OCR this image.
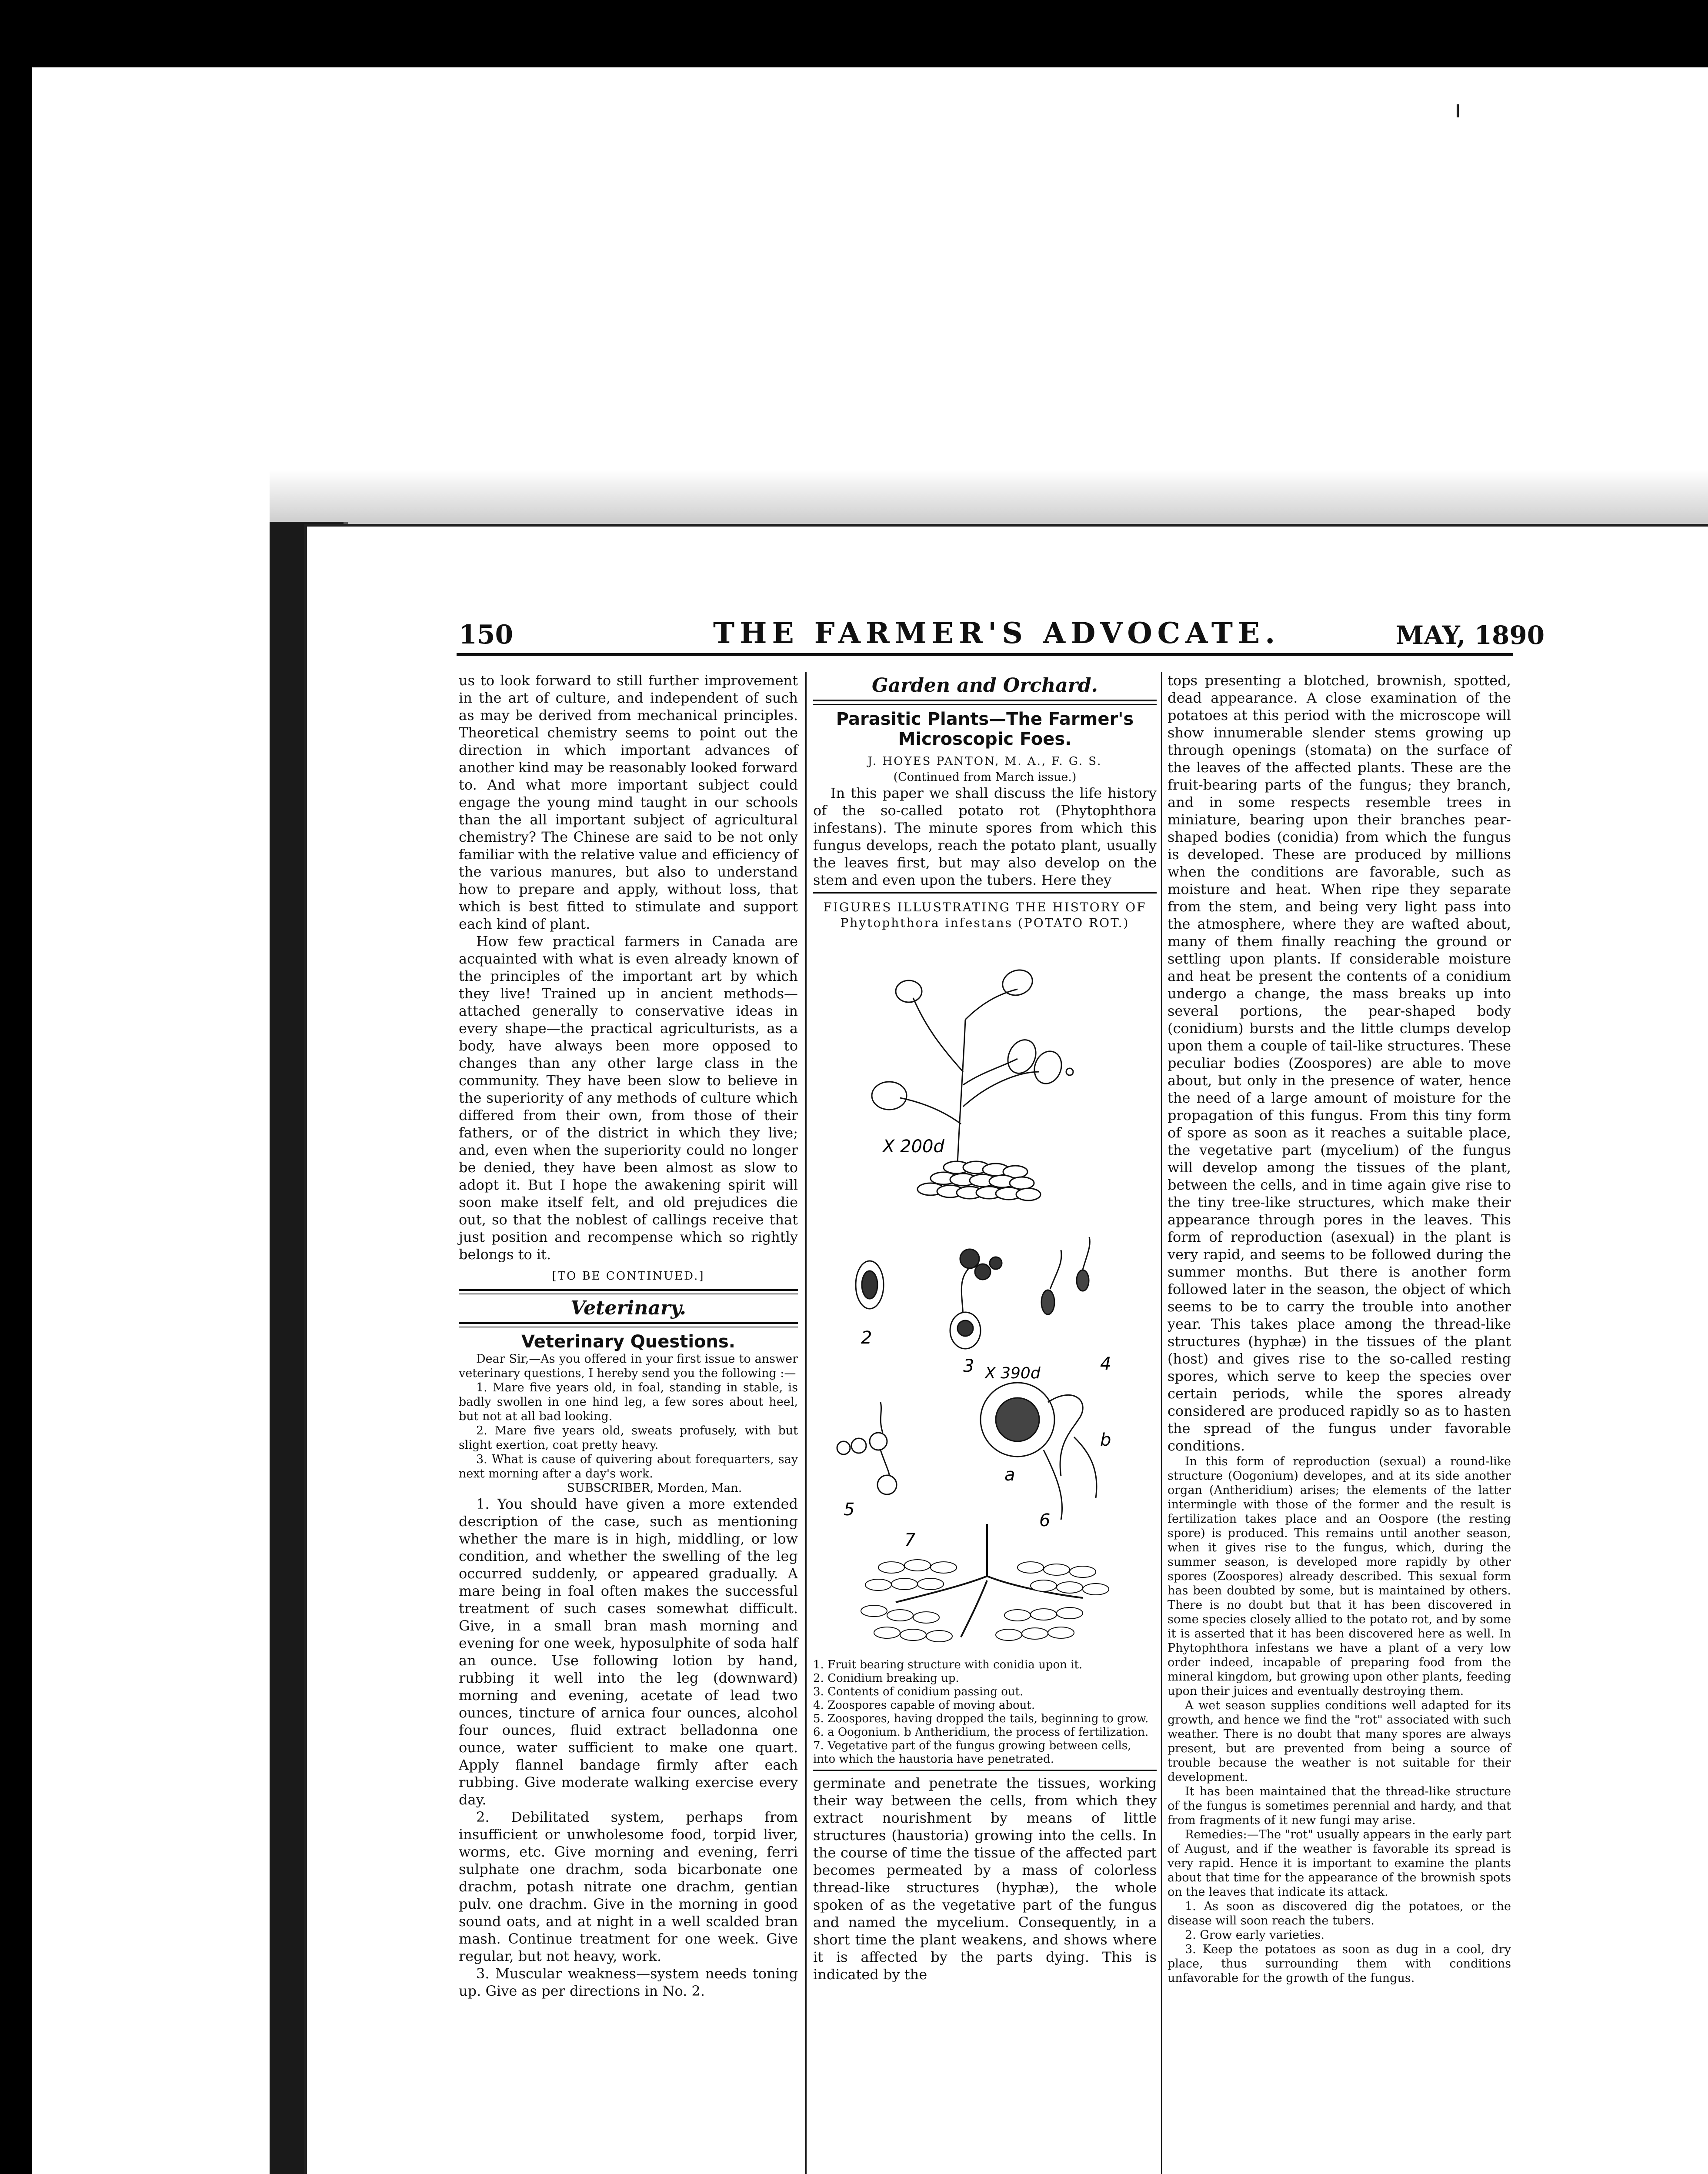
150	THE FARMER'S ADVOCATE.	MAY, 1890

us to look forward to still further improvement in the art of culture, and independent of such as may be derived from mechanical principles. Theoretical chemistry seems to point out the direction in which important advances of another kind may be reasonably looked forward to. And what more important subject could engage the young mind taught in our schools than the all important subject of agricultural chemistry? The Chinese are said to be not only familiar with the relative value and efficiency of the various manures, but also to understand how to prepare and apply, without loss, that which is best fitted to stimulate and support each kind of plant.

How few practical farmers in Canada are acquainted with what is even already known of the principles of the important art by which they live! Trained up in ancient methods—attached generally to conservative ideas in every shape—the practical agriculturists, as a body, have always been more opposed to changes than any other large class in the community. They have been slow to believe in the superiority of any methods of culture which differed from their own, from those of their fathers, or of the district in which they live; and, even when the superiority could no longer be denied, they have been almost as slow to adopt it. But I hope the awakening spirit will soon make itself felt, and old prejudices die out, so that the noblest of callings receive that just position and recompense which so rightly belongs to it.

[TO BE CONTINUED.]
Veterinary.
Veterinary Questions.

Dear Sir,—As you offered in your first issue to answer veterinary questions, I hereby send you the following :—

1. Mare five years old, in foal, standing in stable, is badly swollen in one hind leg, a few sores about heel, but not at all bad looking.

2. Mare five years old, sweats profusely, with but slight exertion, coat pretty heavy.

3. What is cause of quivering about forequarters, say next morning after a day's work.

SUBSCRIBER, Morden, Man.

1. You should have given a more extended description of the case, such as mentioning whether the mare is in high, middling, or low condition, and whether the swelling of the leg occurred suddenly, or appeared gradually. A mare being in foal often makes the successful treatment of such cases somewhat difficult. Give, in a small bran mash morning and evening for one week, hyposulphite of soda half an ounce. Use following lotion by hand, rubbing it well into the leg (downward) morning and evening, acetate of lead two ounces, tincture of arnica four ounces, alcohol four ounces, fluid extract belladonna one ounce, water sufficient to make one quart. Apply flannel bandage firmly after each rubbing. Give moderate walking exercise every day.

2. Debilitated system, perhaps from insufficient or unwholesome food, torpid liver, worms, etc. Give morning and evening, ferri sulphate one drachm, soda bicarbonate one drachm, potash nitrate one drachm, gentian pulv. one drachm. Give in the morning in good sound oats, and at night in a well scalded bran mash. Continue treatment for one week. Give regular, but not heavy, work.

3. Muscular weakness—system needs toning up. Give as per directions in No. 2.

Garden and Orchard.
Parasitic Plants—The Farmer's Microscopic Foes.
J. HOYES PANTON, M. A., F. G. S.
(Continued from March issue.)

In this paper we shall discuss the life history of the so-called potato rot (Phytophthora infestans). The minute spores from which this fungus develops, reach the potato plant, usually the leaves first, but may also develop on the stem and even upon the tubers. Here they

FIGURES ILLUSTRATING THE HISTORY OF Phytophthora infestans (POTATO ROT.)
X 200d
2
3 X 390d	4
a
b
5
6
7
1. Fruit bearing structure with conidia upon it.
2. Conidium breaking up.
3. Contents of conidium passing out.
4. Zoospores capable of moving about.
5. Zoospores, having dropped the tails, beginning to grow.
6. a Oogonium. b Antheridium, the process of fertilization.
7. Vegetative part of the fungus growing between cells, into which the haustoria have penetrated.

germinate and penetrate the tissues, working their way between the cells, from which they extract nourishment by means of little structures (haustoria) growing into the cells. In the course of time the tissue of the affected part becomes permeated by a mass of colorless thread-like structures (hyphæ), the whole spoken of as the vegetative part of the fungus and named the mycelium. Consequently, in a short time the plant weakens, and shows where it is affected by the parts dying. This is indicated by the

tops presenting a blotched, brownish, spotted, dead appearance. A close examination of the potatoes at this period with the microscope will show innumerable slender stems growing up through openings (stomata) on the surface of the leaves of the affected plants. These are the fruit-bearing parts of the fungus; they branch, and in some respects resemble trees in miniature, bearing upon their branches pear-shaped bodies (conidia) from which the fungus is developed. These are produced by millions when the conditions are favorable, such as moisture and heat. When ripe they separate from the stem, and being very light pass into the atmosphere, where they are wafted about, many of them finally reaching the ground or settling upon plants. If considerable moisture and heat be present the contents of a conidium undergo a change, the mass breaks up into several portions, the pear-shaped body (conidium) bursts and the little clumps develop upon them a couple of tail-like structures. These peculiar bodies (Zoospores) are able to move about, but only in the presence of water, hence the need of a large amount of moisture for the propagation of this fungus. From this tiny form of spore as soon as it reaches a suitable place, the vegetative part (mycelium) of the fungus will develop among the tissues of the plant, between the cells, and in time again give rise to the tiny tree-like structures, which make their appearance through pores in the leaves. This form of reproduction (asexual) in the plant is very rapid, and seems to be followed during the summer months. But there is another form followed later in the season, the object of which seems to be to carry the trouble into another year. This takes place among the thread-like structures (hyphæ) in the tissues of the plant (host) and gives rise to the so-called resting spores, which serve to keep the species over certain periods, while the spores already considered are produced rapidly so as to hasten the spread of the fungus under favorable conditions.

In this form of reproduction (sexual) a round-like structure (Oogonium) developes, and at its side another organ (Antheridium) arises; the elements of the latter intermingle with those of the former and the result is fertilization takes place and an Oospore (the resting spore) is produced. This remains until another season, when it gives rise to the fungus, which, during the summer season, is developed more rapidly by other spores (Zoospores) already described. This sexual form has been doubted by some, but is maintained by others. There is no doubt but that it has been discovered in some species closely allied to the potato rot, and by some it is asserted that it has been discovered here as well. In Phytophthora infestans we have a plant of a very low order indeed, incapable of preparing food from the mineral kingdom, but growing upon other plants, feeding upon their juices and eventually destroying them.

A wet season supplies conditions well adapted for its growth, and hence we find the "rot" associated with such weather. There is no doubt that many spores are always present, but are prevented from being a source of trouble because the weather is not suitable for their development.

It has been maintained that the thread-like structure of the fungus is sometimes perennial and hardy, and that from fragments of it new fungi may arise.

Remedies:—The "rot" usually appears in the early part of August, and if the weather is favorable its spread is very rapid. Hence it is important to examine the plants about that time for the appearance of the brownish spots on the leaves that indicate its attack.

1. As soon as discovered dig the potatoes, or the disease will soon reach the tubers.

2. Grow early varieties.

3. Keep the potatoes as soon as dug in a cool, dry place, thus surrounding them with conditions unfavorable for the growth of the fungus.
